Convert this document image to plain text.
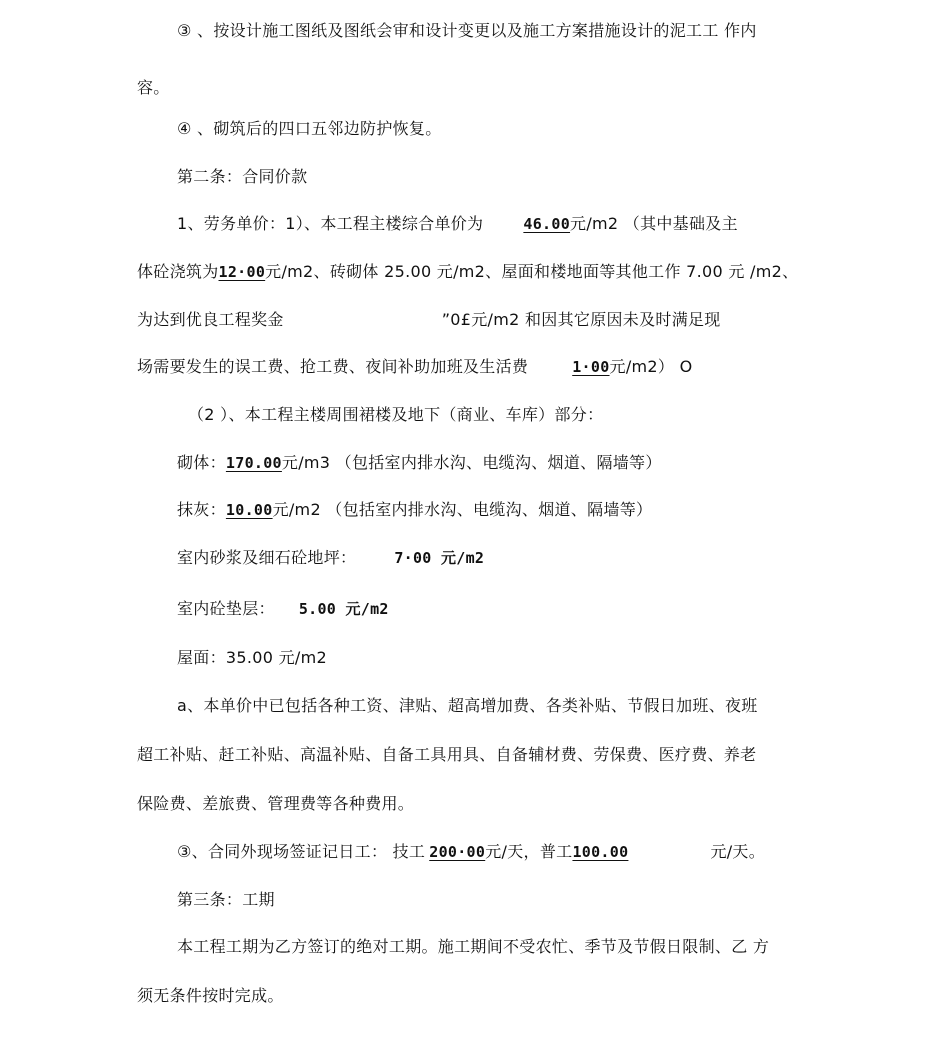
③ 、按设计施工图纸及图纸会审和设计变更以及施工方案措施设计的泥工工 作内
容。
④ 、砌筑后的四口五邻边防护恢复。
第二条：合同价款
1、劳务单价：1）、本工程主楼综合单价为	46.00元/m2 （其中基础及主
体砼浇筑为12·00元/m2、砖砌体 25.00 元/m2、屋面和楼地面等其他工作 7.00 元 /m2、
为达到优良工程奖金	”0£元/m2 和因其它原因未及时满足现
场需要发生的误工费、抢工费、夜间补助加班及生活费	1·00元/m2） O
（2 ）、本工程主楼周围裙楼及地下（商业、车库）部分：
砌体：170.00元/m3 （包括室内排水沟、电缆沟、烟道、隔墙等）
抹灰：10.00元/m2 （包括室内排水沟、电缆沟、烟道、隔墙等）
室内砂浆及细石砼地坪：	7·00 元/m2
室内砼垫层： 5.00 元/m2
屋面：35.00 元/m2
a、本单价中已包括各种工资、津贴、超高增加费、各类补贴、节假日加班、夜班
超工补贴、赶工补贴、高温补贴、自备工具用具、自备辅材费、劳保费、医疗费、养老
保险费、差旅费、管理费等各种费用。
③、合同外现场签证记日工： 技工 200·00元/天，普工100.00	元/天。
第三条：工期
本工程工期为乙方签订的绝对工期。施工期间不受农忙、季节及节假日限制、乙 方
须无条件按时完成。
